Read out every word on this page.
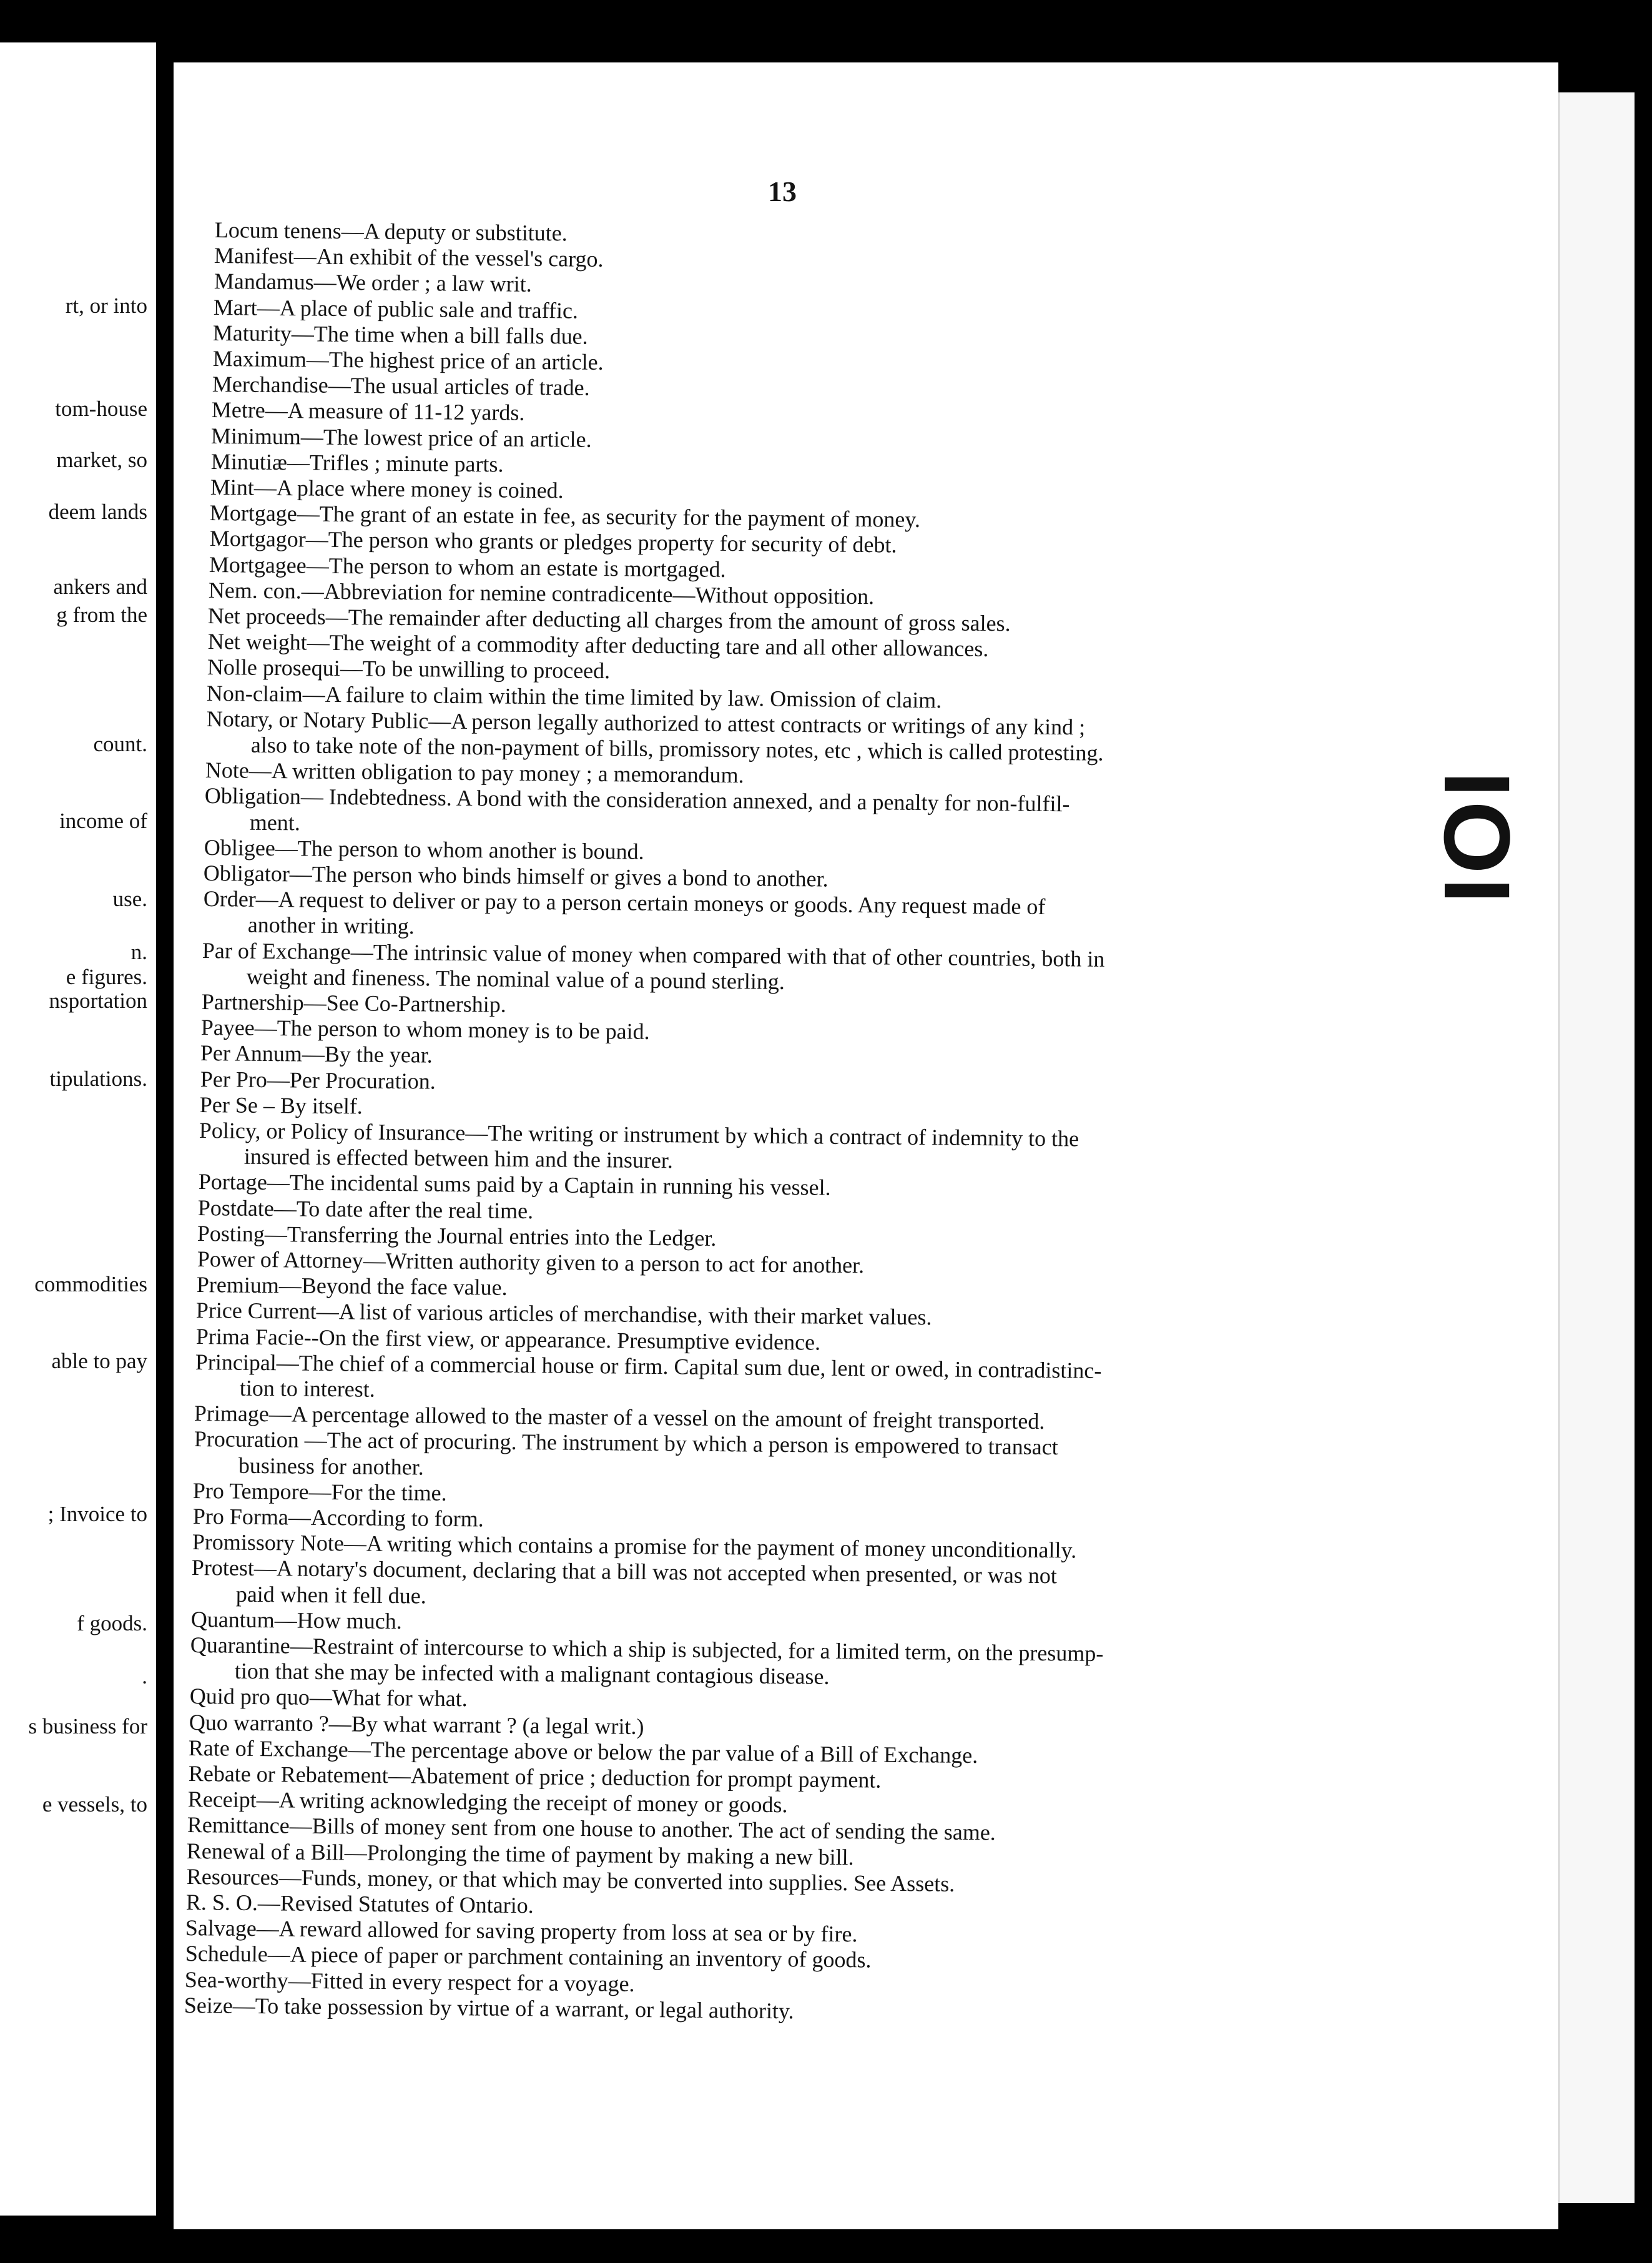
rt, or into
tom-house
market, so
deem lands
ankers and
g from the
count.
income of
use.
n.
e figures.
nsportation
tipulations.
commodities
able to pay
; Invoice to
f goods.
.
s business for
e vessels, to
IOI
13
Locum tenens—A deputy or substitute.
Manifest—An exhibit of the vessel's cargo.
Mandamus—We order ; a law writ.
Mart—A place of public sale and traffic.
Maturity—The time when a bill falls due.
Maximum—The highest price of an article.
Merchandise—The usual articles of trade.
Metre—A measure of 11-12 yards.
Minimum—The lowest price of an article.
Minutiæ—Trifles ; minute parts.
Mint—A place where money is coined.
Mortgage—The grant of an estate in fee, as security for the payment of money.
Mortgagor—The person who grants or pledges property for security of debt.
Mortgagee—The person to whom an estate is mortgaged.
Nem. con.—Abbreviation for nemine contradicente—Without opposition.
Net proceeds—The remainder after deducting all charges from the amount of gross sales.
Net weight—The weight of a commodity after deducting tare and all other allowances.
Nolle prosequi—To be unwilling to proceed.
Non-claim—A failure to claim within the time limited by law. Omission of claim.
Notary, or Notary Public—A person legally authorized to attest contracts or writings of any kind ;
also to take note of the non-payment of bills, promissory notes, etc , which is called protesting.
Note—A written obligation to pay money ; a memorandum.
Obligation— Indebtedness. A bond with the consideration annexed, and a penalty for non-fulfil-
ment.
Obligee—The person to whom another is bound.
Obligator—The person who binds himself or gives a bond to another.
Order—A request to deliver or pay to a person certain moneys or goods. Any request made of
another in writing.
Par of Exchange—The intrinsic value of money when compared with that of other countries, both in
weight and fineness. The nominal value of a pound sterling.
Partnership—See Co-Partnership.
Payee—The person to whom money is to be paid.
Per Annum—By the year.
Per Pro—Per Procuration.
Per Se – By itself.
Policy, or Policy of Insurance—The writing or instrument by which a contract of indemnity to the
insured is effected between him and the insurer.
Portage—The incidental sums paid by a Captain in running his vessel.
Postdate—To date after the real time.
Posting—Transferring the Journal entries into the Ledger.
Power of Attorney—Written authority given to a person to act for another.
Premium—Beyond the face value.
Price Current—A list of various articles of merchandise, with their market values.
Prima Facie--On the first view, or appearance. Presumptive evidence.
Principal—The chief of a commercial house or firm. Capital sum due, lent or owed, in contradistinc-
tion to interest.
Primage—A percentage allowed to the master of a vessel on the amount of freight transported.
Procuration —The act of procuring. The instrument by which a person is empowered to transact
business for another.
Pro Tempore—For the time.
Pro Forma—According to form.
Promissory Note—A writing which contains a promise for the payment of money unconditionally.
Protest—A notary's document, declaring that a bill was not accepted when presented, or was not
paid when it fell due.
Quantum—How much.
Quarantine—Restraint of intercourse to which a ship is subjected, for a limited term, on the presump-
tion that she may be infected with a malignant contagious disease.
Quid pro quo—What for what.
Quo warranto ?—By what warrant ? (a legal writ.)
Rate of Exchange—The percentage above or below the par value of a Bill of Exchange.
Rebate or Rebatement—Abatement of price ; deduction for prompt payment.
Receipt—A writing acknowledging the receipt of money or goods.
Remittance—Bills of money sent from one house to another. The act of sending the same.
Renewal of a Bill—Prolonging the time of payment by making a new bill.
Resources—Funds, money, or that which may be converted into supplies. See Assets.
R. S. O.—Revised Statutes of Ontario.
Salvage—A reward allowed for saving property from loss at sea or by fire.
Schedule—A piece of paper or parchment containing an inventory of goods.
Sea-worthy—Fitted in every respect for a voyage.
Seize—To take possession by virtue of a warrant, or legal authority.
